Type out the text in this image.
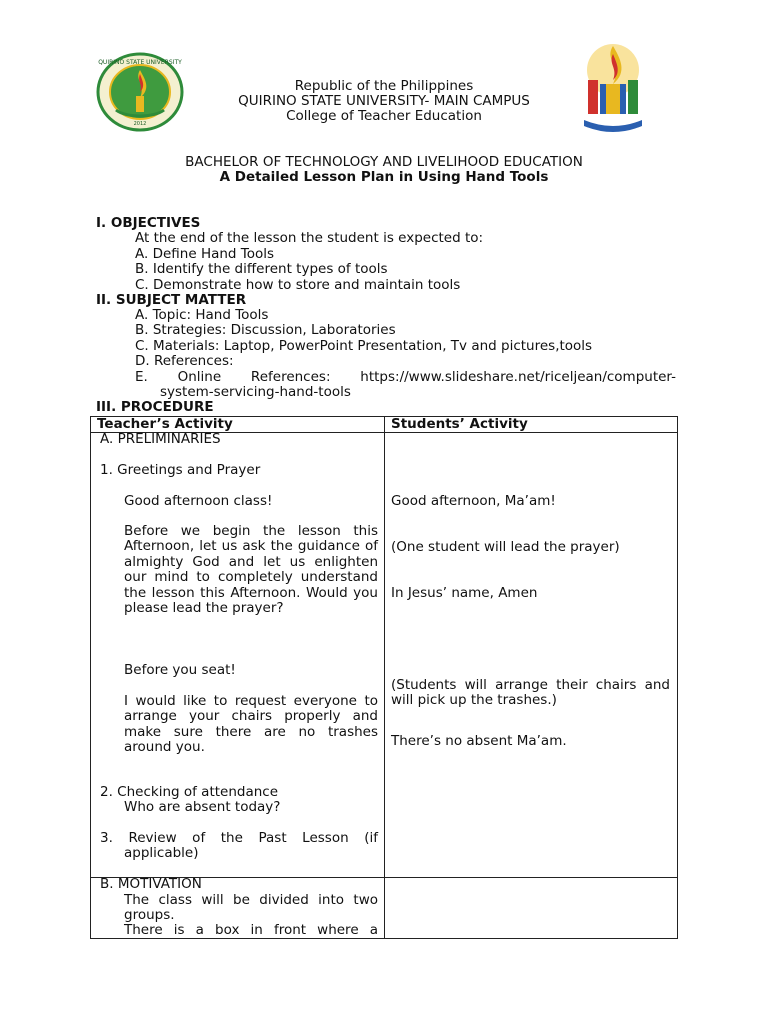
QUIRINO STATE UNIVERSITY
2012
Republic of the Philippines
QUIRINO STATE UNIVERSITY- MAIN CAMPUS
College of Teacher Education
BACHELOR OF TECHNOLOGY AND LIVELIHOOD EDUCATION
A Detailed Lesson Plan in Using Hand Tools
I. OBJECTIVES
At the end of the lesson the student is expected to:
A. Define Hand Tools
B. Identify the different types of tools
C. Demonstrate how to store and maintain tools
II. SUBJECT MATTER
A. Topic: Hand Tools
B. Strategies: Discussion, Laboratories
C. Materials: Laptop, PowerPoint Presentation, Tv and pictures,tools
D. References:
E. Online References: https://www.slideshare.net/riceljean/computer-
system-servicing-hand-tools
III. PROCEDURE
Teacher’s Activity	Students’ Activity
A. PRELIMINARIES
1. Greetings and Prayer
Good afternoon class!
Before we begin the lesson this Afternoon, let us ask the guidance of almighty God and let us enlighten our mind to completely understand the lesson this Afternoon. Would you please lead the prayer?
Before you seat!
I would like to request everyone to arrange your chairs properly and make sure there are no trashes around you.
2. Checking of attendance
Who are absent today?
3. Review of the Past Lesson (if
applicable)
B. MOTIVATION
The class will be divided into two groups.
There is a box in front where a
Good afternoon, Ma’am!
(One student will lead the prayer)
In Jesus’ name, Amen
(Students will arrange their chairs and will pick up the trashes.)
There’s no absent Ma’am.
